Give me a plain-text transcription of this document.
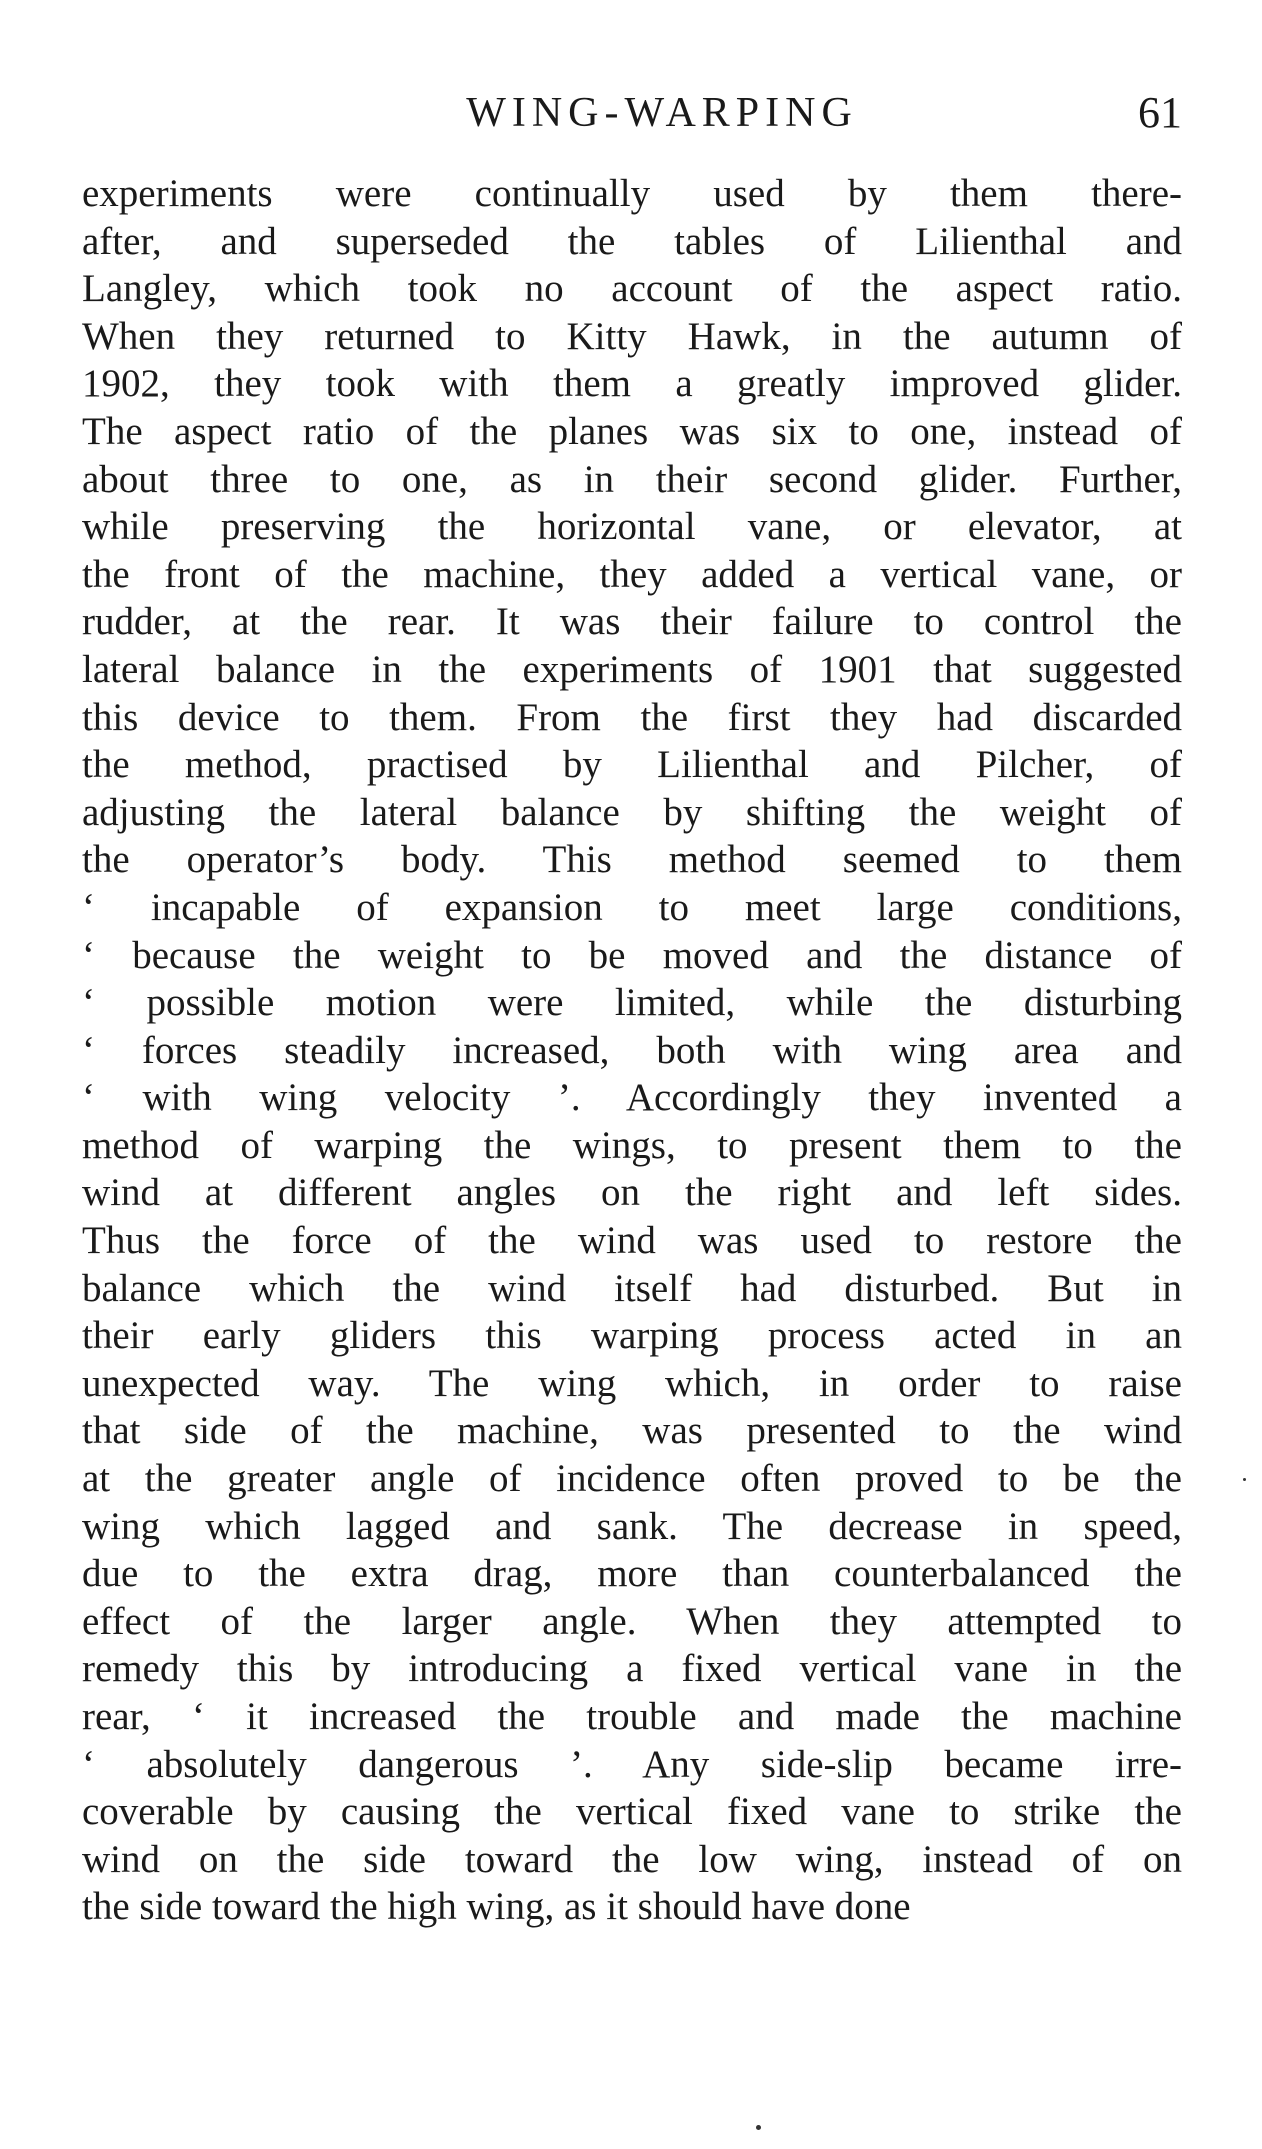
WING-WARPING	61
experiments were continually used by them there-
after, and superseded the tables of Lilienthal and
Langley, which took no account of the aspect ratio.
When they returned to Kitty Hawk, in the autumn of
1902, they took with them a greatly improved glider.
The aspect ratio of the planes was six to one, instead of
about three to one, as in their second glider. Further,
while preserving the horizontal vane, or elevator, at
the front of the machine, they added a vertical vane, or
rudder, at the rear. It was their failure to control the
lateral balance in the experiments of 1901 that suggested
this device to them. From the first they had discarded
the method, practised by Lilienthal and Pilcher, of
adjusting the lateral balance by shifting the weight of
the operator’s body. This method seemed to them
‘ incapable of expansion to meet large conditions,
‘ because the weight to be moved and the distance of
‘ possible motion were limited, while the disturbing
‘ forces steadily increased, both with wing area and
‘ with wing velocity ’. Accordingly they invented a
method of warping the wings, to present them to the
wind at different angles on the right and left sides.
Thus the force of the wind was used to restore the
balance which the wind itself had disturbed. But in
their early gliders this warping process acted in an
unexpected way. The wing which, in order to raise
that side of the machine, was presented to the wind
at the greater angle of incidence often proved to be the
wing which lagged and sank. The decrease in speed,
due to the extra drag, more than counterbalanced the
effect of the larger angle. When they attempted to
remedy this by introducing a fixed vertical vane in the
rear, ‘ it increased the trouble and made the machine
‘ absolutely dangerous ’. Any side-slip became irre-
coverable by causing the vertical fixed vane to strike the
wind on the side toward the low wing, instead of on
the side toward the high wing, as it should have done
